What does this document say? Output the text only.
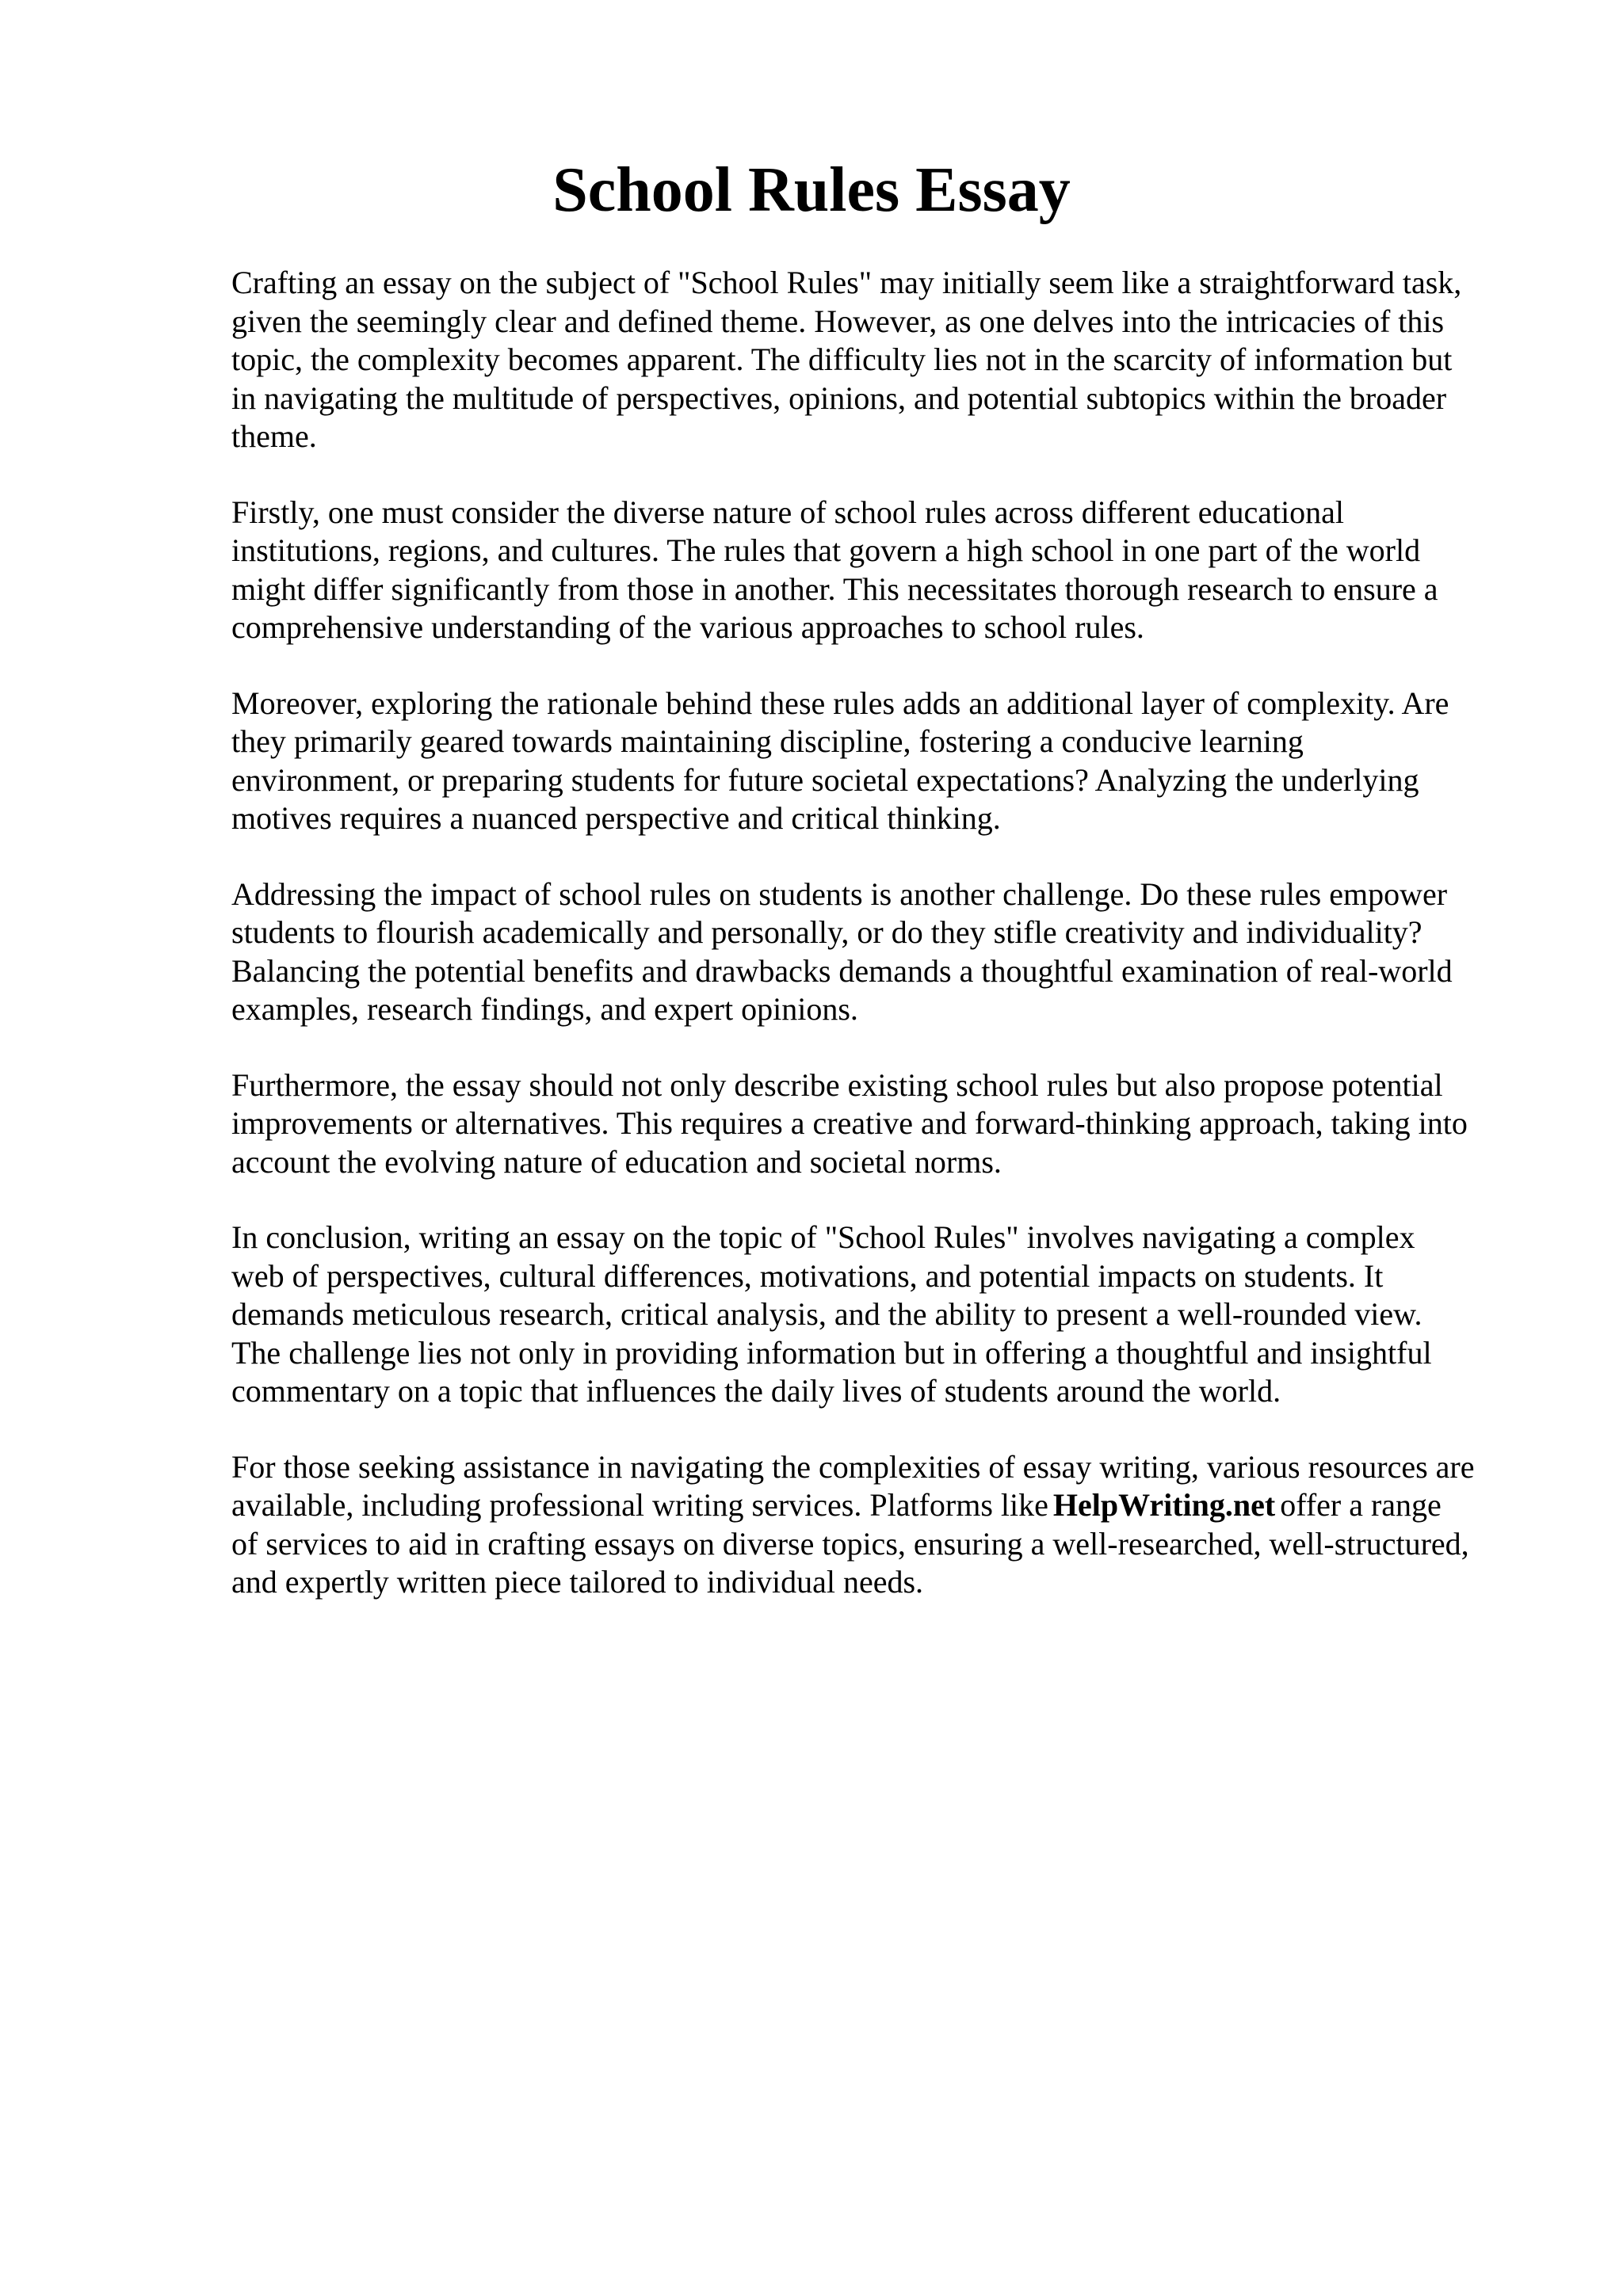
School Rules Essay

Crafting an essay on the subject of "School Rules" may initially seem like a straightforward task,
given the seemingly clear and defined theme. However, as one delves into the intricacies of this
topic, the complexity becomes apparent. The difficulty lies not in the scarcity of information but
in navigating the multitude of perspectives, opinions, and potential subtopics within the broader
theme.

Firstly, one must consider the diverse nature of school rules across different educational
institutions, regions, and cultures. The rules that govern a high school in one part of the world
might differ significantly from those in another. This necessitates thorough research to ensure a
comprehensive understanding of the various approaches to school rules.

Moreover, exploring the rationale behind these rules adds an additional layer of complexity. Are
they primarily geared towards maintaining discipline, fostering a conducive learning
environment, or preparing students for future societal expectations? Analyzing the underlying
motives requires a nuanced perspective and critical thinking.

Addressing the impact of school rules on students is another challenge. Do these rules empower
students to flourish academically and personally, or do they stifle creativity and individuality?
Balancing the potential benefits and drawbacks demands a thoughtful examination of real-world
examples, research findings, and expert opinions.

Furthermore, the essay should not only describe existing school rules but also propose potential
improvements or alternatives. This requires a creative and forward-thinking approach, taking into
account the evolving nature of education and societal norms.

In conclusion, writing an essay on the topic of "School Rules" involves navigating a complex
web of perspectives, cultural differences, motivations, and potential impacts on students. It
demands meticulous research, critical analysis, and the ability to present a well-rounded view.
The challenge lies not only in providing information but in offering a thoughtful and insightful
commentary on a topic that influences the daily lives of students around the world.

For those seeking assistance in navigating the complexities of essay writing, various resources are
available, including professional writing services. Platforms like HelpWriting.net offer a range
of services to aid in crafting essays on diverse topics, ensuring a well-researched, well-structured,
and expertly written piece tailored to individual needs.
